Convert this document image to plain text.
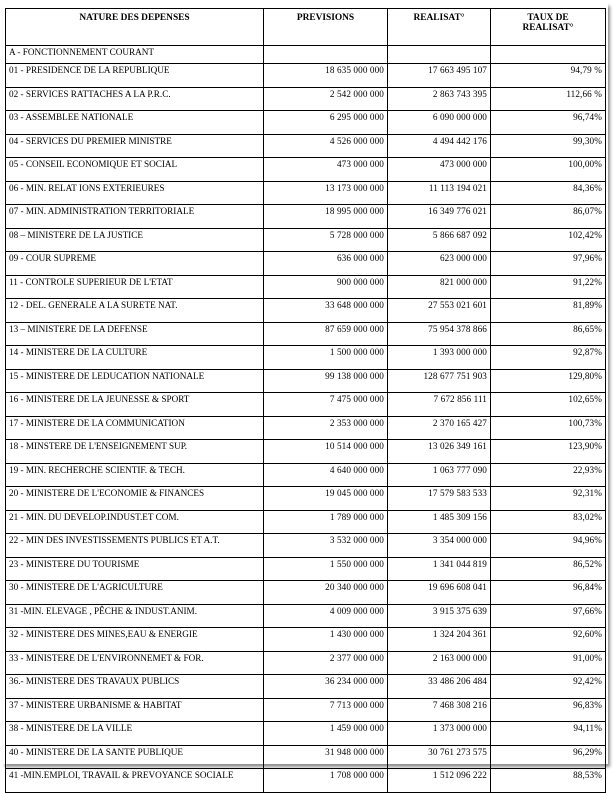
NATURE DES DEPENSES	PREVISIONS	REALISAT°	TAUX DE
REALISAT°
A - FONCTIONNEMENT COURANT			
01 - PRESIDENCE DE LA REPUBLIQUE	18 635 000 000	17 663 495 107	94,79 %
02 - SERVICES RATTACHES A LA P.R.C.	2 542 000 000	2 863 743 395	112,66 %
03 - ASSEMBLEE NATIONALE	6 295 000 000	6 090 000 000	96,74%
04 - SERVICES DU PREMIER MINISTRE	4 526 000 000	4 494 442 176	99,30%
05 - CONSEIL ECONOMIQUE ET SOCIAL	473 000 000	473 000 000	100,00%
06 - MIN. RELAT IONS EXTERIEURES	13 173 000 000	11 113 194 021	84,36%
07 - MIN. ADMINISTRATION TERRITORIALE	18 995 000 000	16 349 776 021	86,07%
08 – MINISTERE DE LA JUSTICE	5 728 000 000	5 866 687 092	102,42%
09 - COUR SUPREME	636 000 000	623 000 000	97,96%
11 - CONTROLE SUPERIEUR DE L'ETAT	900 000 000	821 000 000	91,22%
12 - DEL. GENERALE A LA SURETE NAT.	33 648 000 000	27 553 021 601	81,89%
13 – MINISTERE DE LA DEFENSE	87 659 000 000	75 954 378 866	86,65%
14 - MINISTERE DE LA CULTURE	1 500 000 000	1 393 000 000	92,87%
15 - MINISTERE DE LEDUCATION NATIONALE	99 138 000 000	128 677 751 903	129,80%
16 - MINISTERE DE LA JEUNESSE & SPORT	7 475 000 000	7 672 856 111	102,65%
17 - MINISTERE DE LA COMMUNICATION	2 353 000 000	2 370 165 427	100,73%
18 - MINSTERE DE L'ENSEIGNEMENT SUP.	10 514 000 000	13 026 349 161	123,90%
19 - MIN. RECHERCHE SCIENTIF. & TECH.	4 640 000 000	1 063 777 090	22,93%
20 - MINISTERE DE L'ECONOMIE & FINANCES	19 045 000 000	17 579 583 533	92,31%
21 - MIN. DU DEVELOP.INDUST.ET COM.	1 789 000 000	1 485 309 156	83,02%
22 - MIN DES INVESTISSEMENTS PUBLICS ET A.T.	3 532 000 000	3 354 000 000	94,96%
23 - MINISTERE DU TOURISME	1 550 000 000	1 341 044 819	86,52%
30 - MINISTERE DE L'AGRICULTURE	20 340 000 000	19 696 608 041	96,84%
31 -MIN. ELEVAGE , PÊCHE & INDUST.ANIM.	4 009 000 000	3 915 375 639	97,66%
32 - MINISTERE DES MINES,EAU & ENERGIE	1 430 000 000	1 324 204 361	92,60%
33 - MINISTERE DE L'ENVIRONNEMET & FOR.	2 377 000 000	2 163 000 000	91,00%
36.- MINISTERE DES TRAVAUX PUBLICS	36 234 000 000	33 486 206 484	92,42%
37 - MINISTERE URBANISME & HABITAT	7 713 000 000	7 468 308 216	96,83%
38 - MINISTERE DE LA VILLE	1 459 000 000	1 373 000 000	94,11%
40 - MINISTERE DE LA SANTE PUBLIQUE	31 948 000 000	30 761 273 575	96,29%
41 -MIN.EMPLOI, TRAVAIL & PREVOYANCE SOCIALE	1 708 000 000	1 512 096 222	88,53%
